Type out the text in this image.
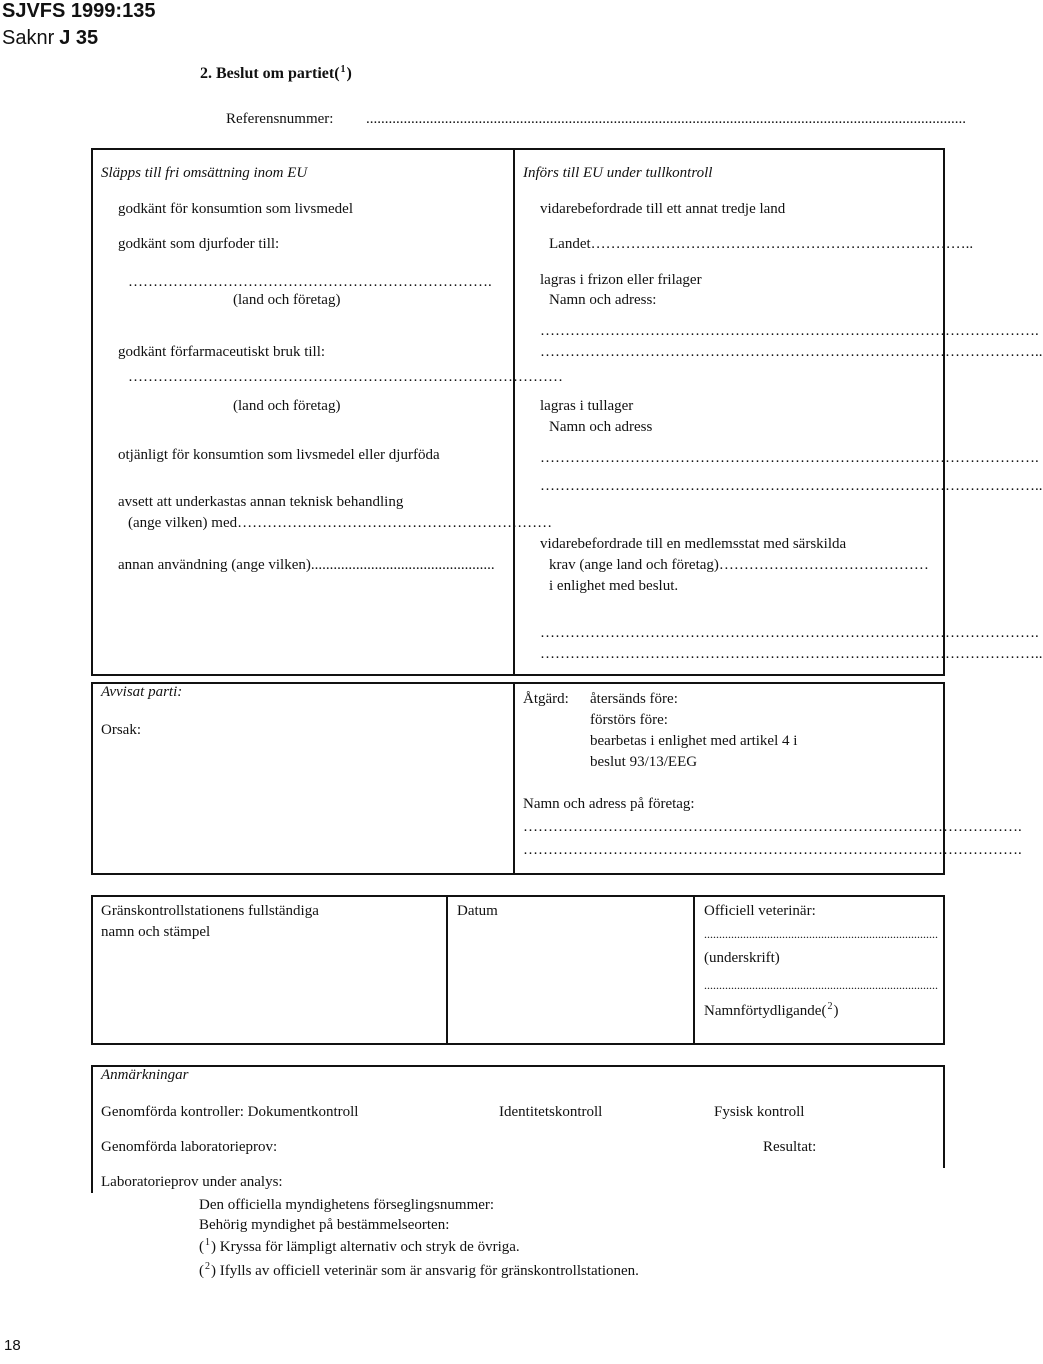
SJVFS 1999:135
Saknr J 35
2. Beslut om partiet($^1$)
Referensnummer: ................................................................................................................................................................
Släpps till fri omsättning inom EU
godkänt för konsumtion som livsmedel
godkänt som djurfoder till:
……………………………………………………………….
(land och företag)
godkänt förfarmaceutiskt bruk till:
……………………………………………………………………………
(land och företag)
otjänligt för konsumtion som livsmedel eller djurföda
avsett att underkastas annan teknisk behandling
(ange vilken) med………………………………………………………
annan användning (ange vilken).................................................
Införs till EU under tullkontroll
vidarebefordrade till ett annat tredje land
Landet…………………………………………………………………..
lagras i frizon eller frilager
Namn och adress:
……………………………………………………………………………………….
………………………………………………………………………………………..
lagras i tullager
Namn och adress
……………………………………………………………………………………….
………………………………………………………………………………………..
vidarebefordrade till en medlemsstat med särskilda
krav (ange land och företag)……………………………………
i enlighet med beslut.
……………………………………………………………………………………….
………………………………………………………………………………………..
Avvisat parti:
Orsak:
Åtgärd: återsänds före:
förstörs före:
bearbetas i enlighet med artikel 4 i
beslut 93/13/EEG
Namn och adress på företag:
……………………………………………………………………………………….
……………………………………………………………………………………….
Gränskontrollstationens fullständiga
namn och stämpel
Datum	Officiell veterinär:
..............................................................................
(underskrift)
..............................................................................
Namnförtydligande($^2$)
Anmärkningar
Genomförda kontroller: Dokumentkontroll	Identitetskontroll	Fysisk kontroll
Genomförda laboratorieprov:	Resultat:
Laboratorieprov under analys:
Den officiella myndighetens förseglingsnummer:
Behörig myndighet på bestämmelseorten:
($^1$) Kryssa för lämpligt alternativ och stryk de övriga.
($^2$) Ifylls av officiell veterinär som är ansvarig för gränskontrollstationen.
18
